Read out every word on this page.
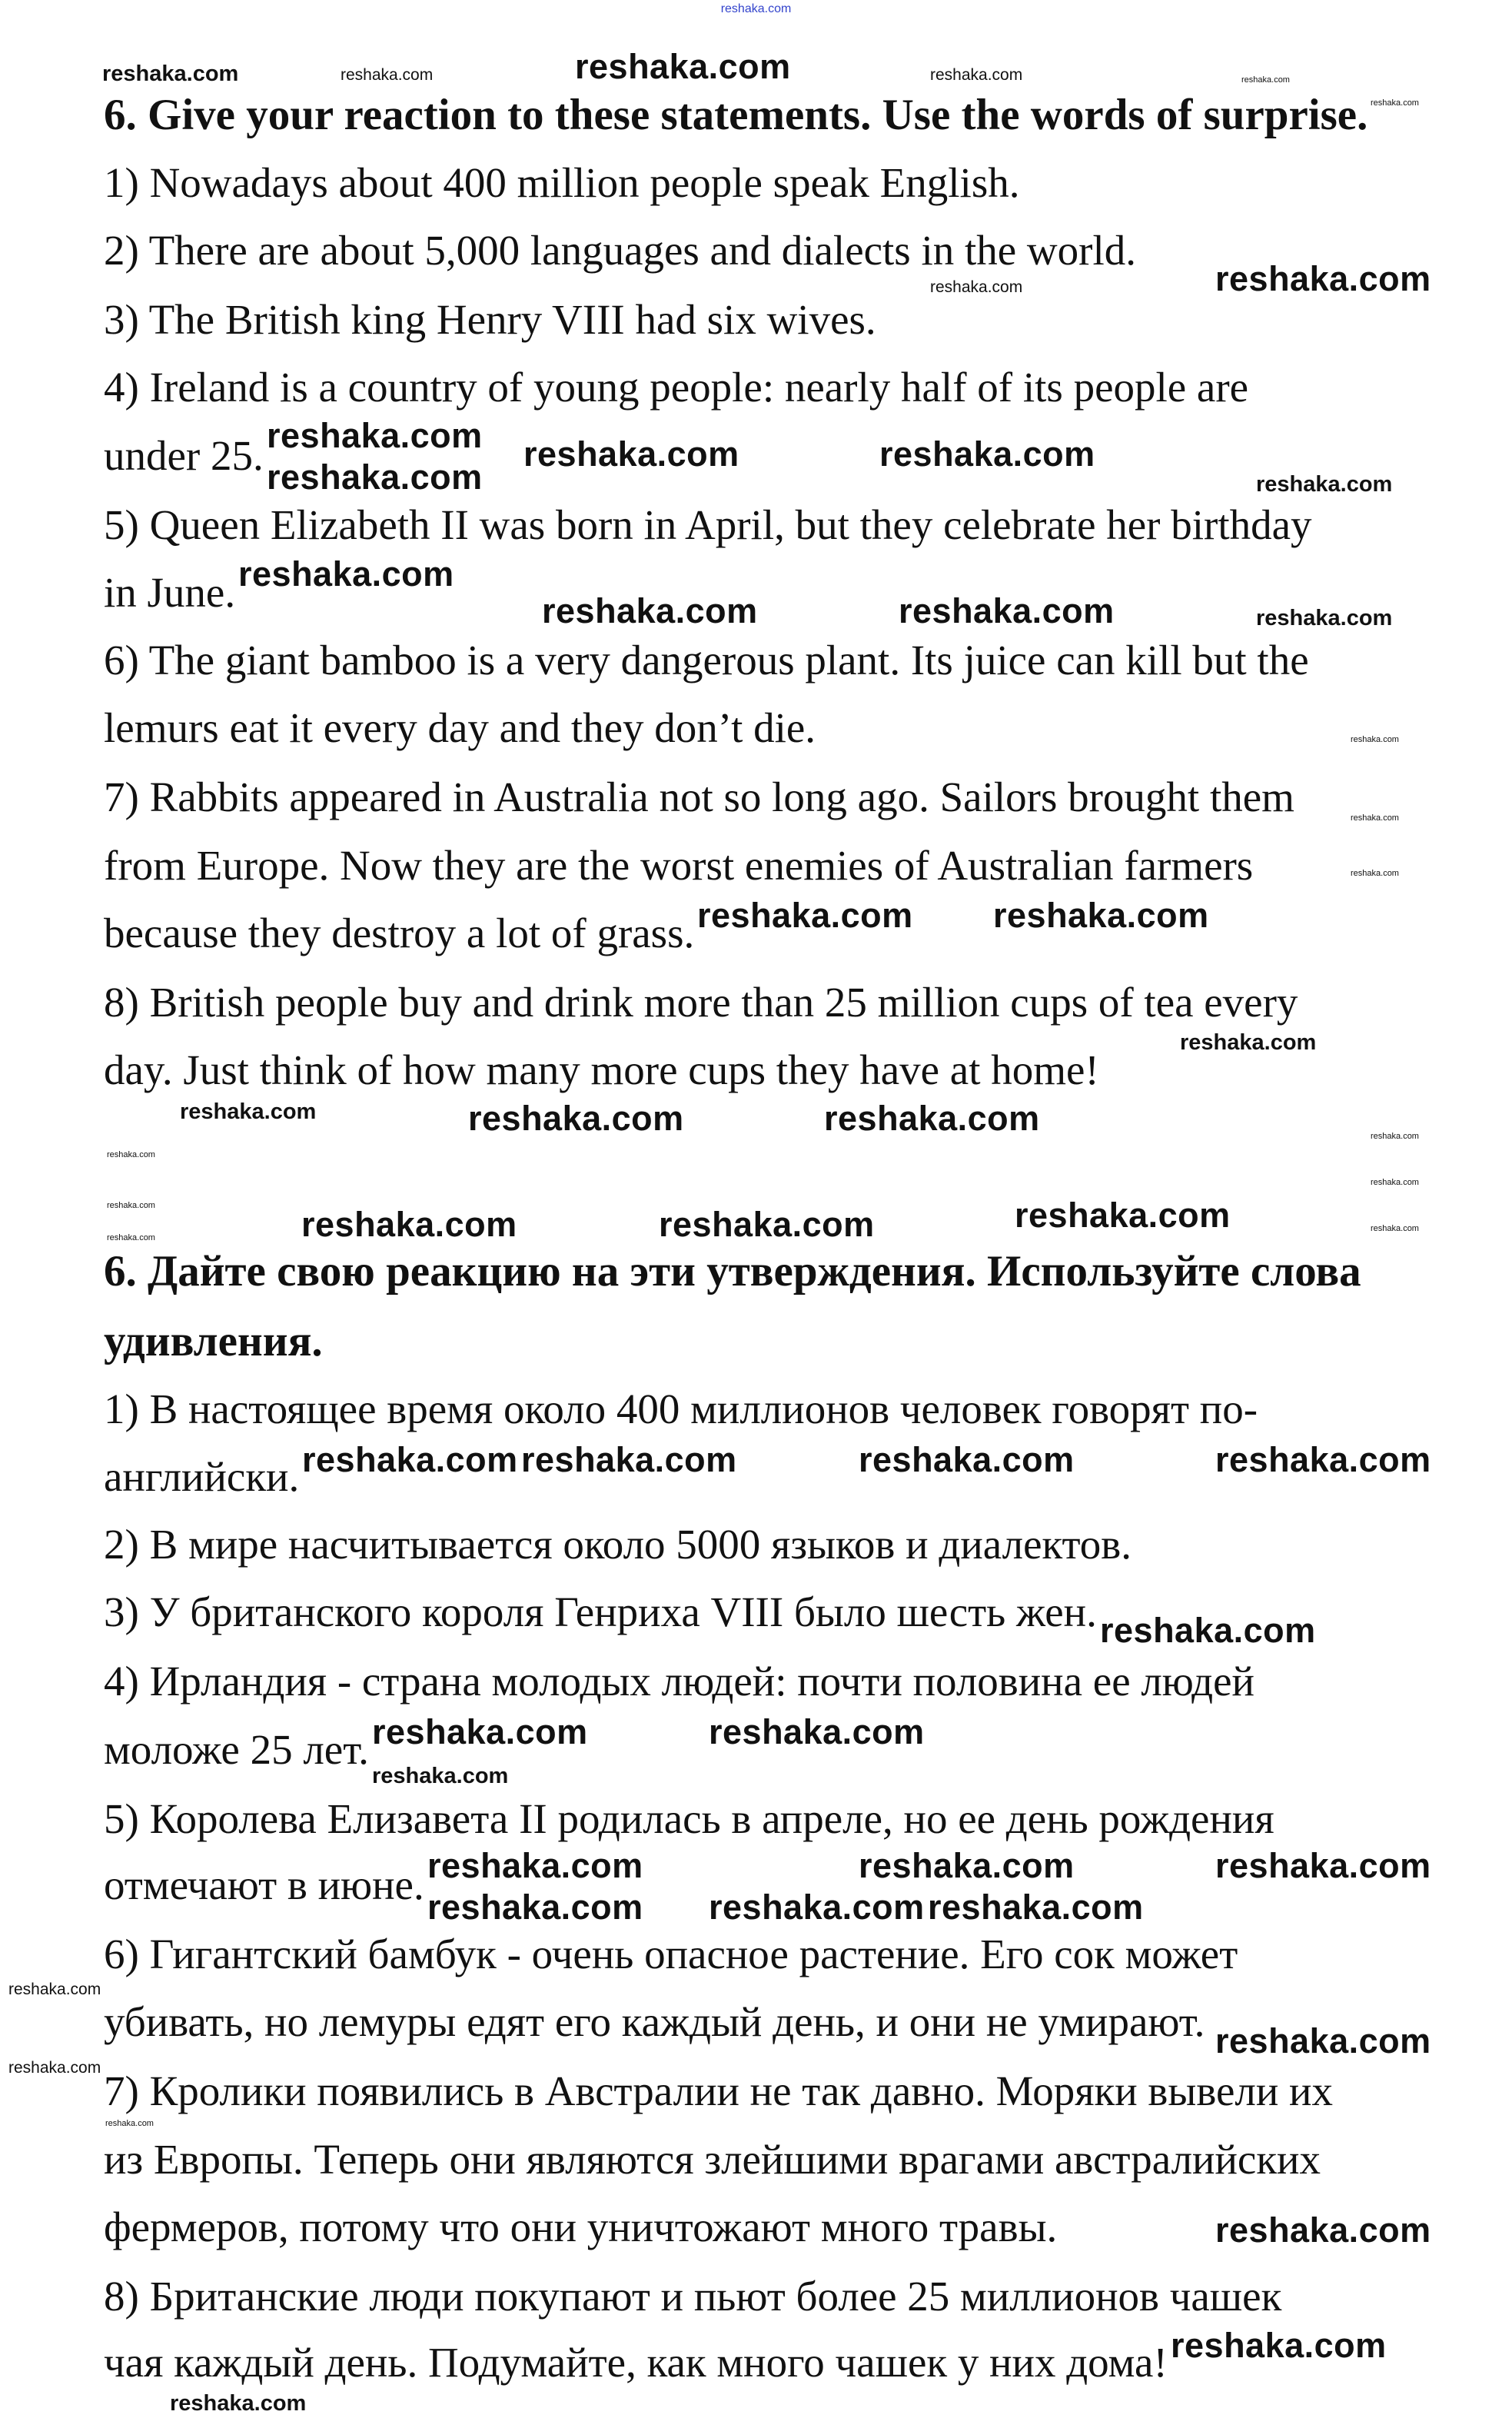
reshaka.com
6. Give your reaction to these statements. Use the words of surprise.
1) Nowadays about 400 million people speak English.
2) There are about 5,000 languages and dialects in the world.
3) The British king Henry VIII had six wives.
4) Ireland is a country of young people: nearly half of its people are
under 25.
5) Queen Elizabeth II was born in April, but they celebrate her birthday
in June.
6) The giant bamboo is a very dangerous plant. Its juice can kill but the
lemurs eat it every day and they don’t die.
7) Rabbits appeared in Australia not so long ago. Sailors brought them
from Europe. Now they are the worst enemies of Australian farmers
because they destroy a lot of grass.
8) British people buy and drink more than 25 million cups of tea every
day. Just think of how many more cups they have at home!
6. Дайте свою реакцию на эти утверждения. Используйте слова
удивления.
1) В настоящее время около 400 миллионов человек говорят по-
английски.
2) В мире насчитывается около 5000 языков и диалектов.
3) У британского короля Генриха VIII было шесть жен.
4) Ирландия - страна молодых людей: почти половина ее людей
моложе 25 лет.
5) Королева Елизавета II родилась в апреле, но ее день рождения
отмечают в июне.
6) Гигантский бамбук - очень опасное растение. Его сок может
убивать, но лемуры едят его каждый день, и они не умирают.
7) Кролики появились в Австралии не так давно. Моряки вывели их
из Европы. Теперь они являются злейшими врагами австралийских
фермеров, потому что они уничтожают много травы.
8) Британские люди покупают и пьют более 25 миллионов чашек
чая каждый день. Подумайте, как много чашек у них дома!
reshaka.com	reshaka.com	reshaka.com
reshaka.com
reshaka.com
reshaka.com
reshaka.com reshaka.com	reshaka.com
reshaka.com
reshaka.com
reshaka.com	reshaka.com	reshaka.com
reshaka.com
reshaka.com
reshaka.com reshaka.com
reshaka.com
reshaka.com
reshaka.com	reshaka.com	reshaka.com
reshaka.com
reshaka.com
reshaka.com
reshaka.com
reshaka.com
reshaka.com
reshaka.com	reshaka.com	reshaka.com	reshaka.com
reshaka.com reshaka.com	reshaka.com	reshaka.com
reshaka.com	reshaka.com
reshaka.com
reshaka.com
reshaka.com	reshaka.com	reshaka.com
reshaka.com
reshaka.com reshaka.com
reshaka.com
reshaka.com
reshaka.com
reshaka.com
reshaka.com
reshaka.com
reshaka.com
reshaka.com
reshaka.com
